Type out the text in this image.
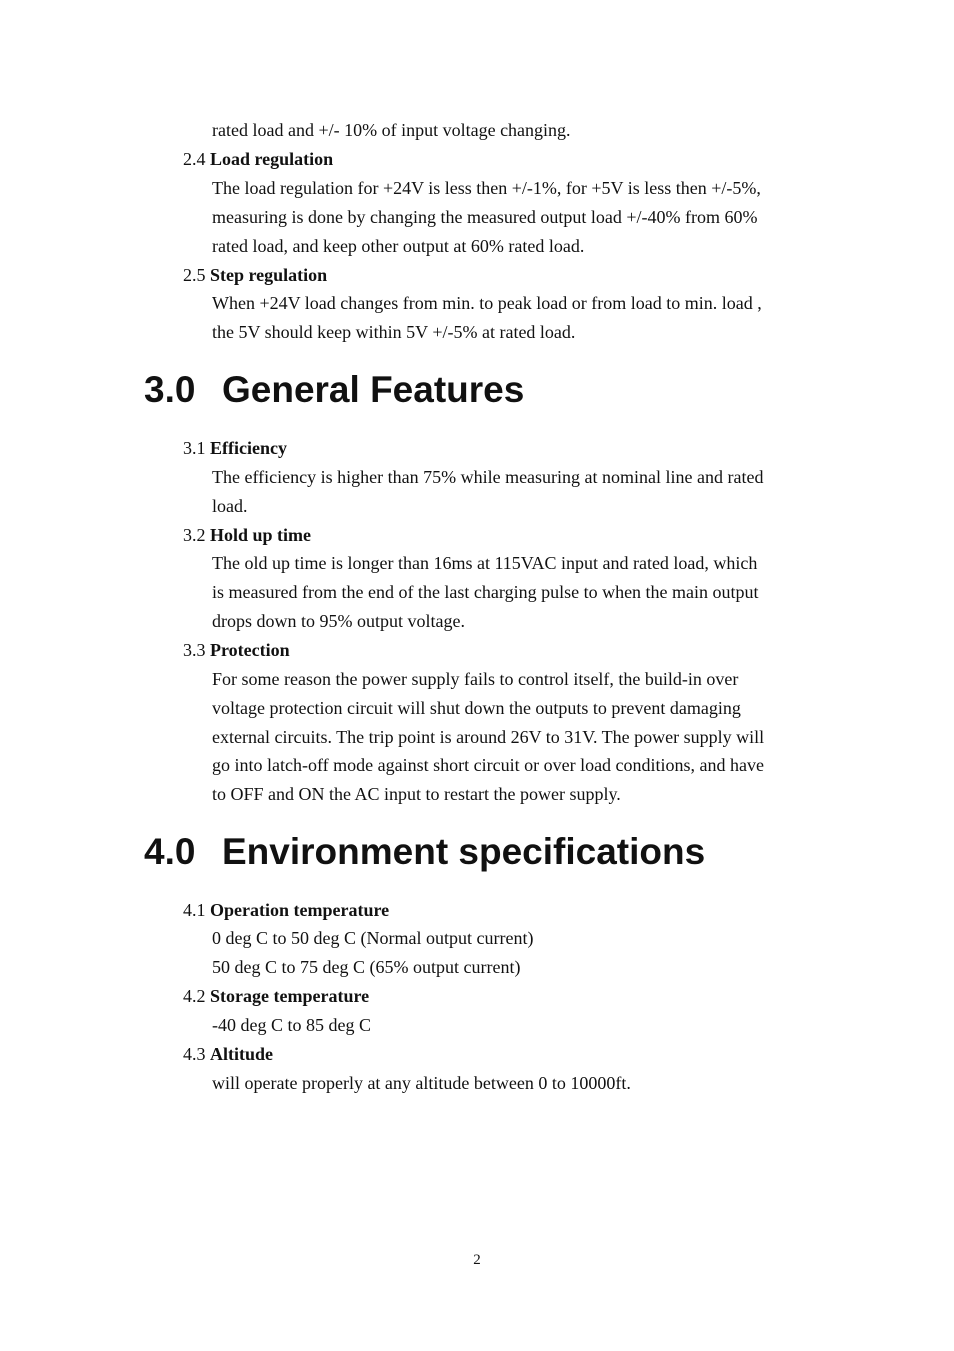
rated load and +/- 10% of input voltage changing.

2.4 Load regulation

The load regulation for +24V is less then +/-1%, for +5V is less then +/-5%,
measuring is done by changing the measured output load +/-40% from 60%
rated load, and keep other output at 60% rated load.

2.5 Step regulation

When +24V load changes from min. to peak load or from load to min. load ,
the 5V should keep within 5V +/-5% at rated load.
3.0 General Features

3.1 Efficiency

The efficiency is higher than 75% while measuring at nominal line and rated
load.

3.2 Hold up time

The old up time is longer than 16ms at 115VAC input and rated load, which
is measured from the end of the last charging pulse to when the main output
drops down to 95% output voltage.

3.3 Protection

For some reason the power supply fails to control itself, the build-in over
voltage protection circuit will shut down the outputs to prevent damaging
external circuits. The trip point is around 26V to 31V. The power supply will
go into latch-off mode against short circuit or over load conditions, and have
to OFF and ON the AC input to restart the power supply.
4.0 Environment specifications

4.1 Operation temperature

0 deg C to 50 deg C (Normal output current)
50 deg C to 75 deg C (65% output current)

4.2 Storage temperature

-40 deg C to 85 deg C

4.3 Altitude

will operate properly at any altitude between 0 to 10000ft.
2
